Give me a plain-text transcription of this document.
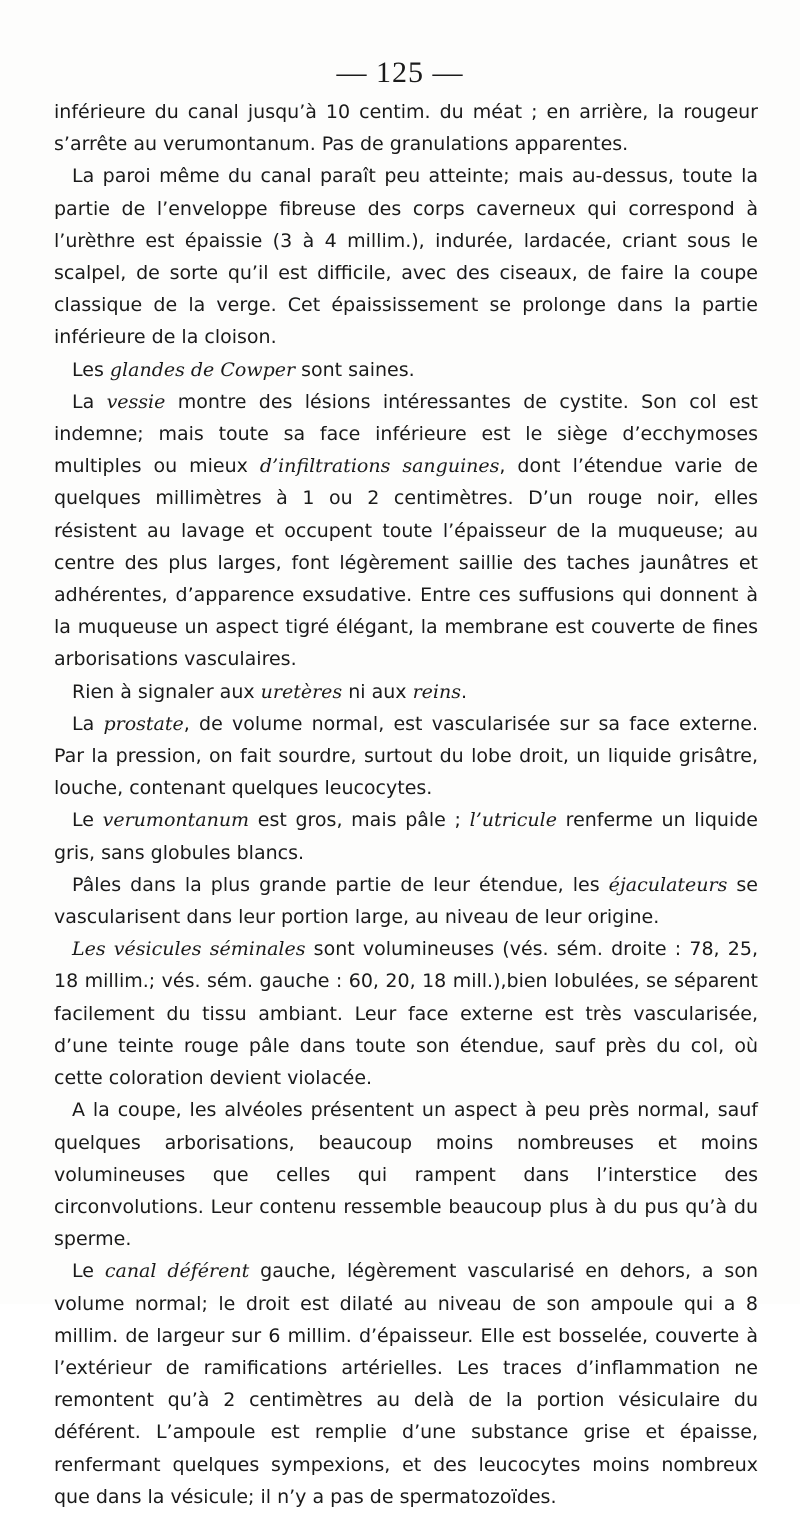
— 125 —

inférieure du canal jusqu’à 10 centim. du méat ; en arrière, la rougeur s’arrête au verumontanum. Pas de granulations apparentes.

La paroi même du canal paraît peu atteinte; mais au-dessus, toute la partie de l’enveloppe fibreuse des corps caverneux qui correspond à l’urèthre est épaissie (3 à 4 millim.), indurée, lardacée, criant sous le scalpel, de sorte qu’il est difficile, avec des ciseaux, de faire la coupe classique de la verge. Cet épaississement se prolonge dans la partie inférieure de la cloison.

Les glandes de Cowper sont saines.

La vessie montre des lésions intéressantes de cystite. Son col est indemne; mais toute sa face inférieure est le siège d’ecchymoses multiples ou mieux d’infiltrations sanguines, dont l’étendue varie de quelques millimètres à 1 ou 2 centimètres. D’un rouge noir, elles résistent au lavage et occupent toute l’épaisseur de la muqueuse; au centre des plus larges, font légèrement saillie des taches jaunâtres et adhérentes, d’apparence exsudative. Entre ces suffusions qui donnent à la muqueuse un aspect tigré élégant, la membrane est couverte de fines arborisations vasculaires.

Rien à signaler aux uretères ni aux reins.

La prostate, de volume normal, est vascularisée sur sa face externe. Par la pression, on fait sourdre, surtout du lobe droit, un liquide grisâtre, louche, contenant quelques leucocytes.

Le verumontanum est gros, mais pâle ; l’utricule renferme un liquide gris, sans globules blancs.

Pâles dans la plus grande partie de leur étendue, les éjaculateurs se vascularisent dans leur portion large, au niveau de leur origine.

Les vésicules séminales sont volumineuses (vés. sém. droite : 78, 25, 18 millim.; vés. sém. gauche : 60, 20, 18 mill.),bien lobulées, se séparent facilement du tissu ambiant. Leur face externe est très vascularisée, d’une teinte rouge pâle dans toute son étendue, sauf près du col, où cette coloration devient violacée.

A la coupe, les alvéoles présentent un aspect à peu près normal, sauf quelques arborisations, beaucoup moins nombreuses et moins volumineuses que celles qui rampent dans l’interstice des circonvolutions. Leur contenu ressemble beaucoup plus à du pus qu’à du sperme.

Le canal déférent gauche, légèrement vascularisé en dehors, a son volume normal; le droit est dilaté au niveau de son ampoule qui a 8 millim. de largeur sur 6 millim. d’épaisseur. Elle est bosselée, couverte à l’extérieur de ramifications artérielles. Les traces d’inflammation ne remontent qu’à 2 centimètres au delà de la portion vésiculaire du déférent. L’ampoule est remplie d’une substance grise et épaisse, renfermant quelques sympexions, et des leucocytes moins nombreux que dans la vésicule; il n’y a pas de spermatozoïdes.
